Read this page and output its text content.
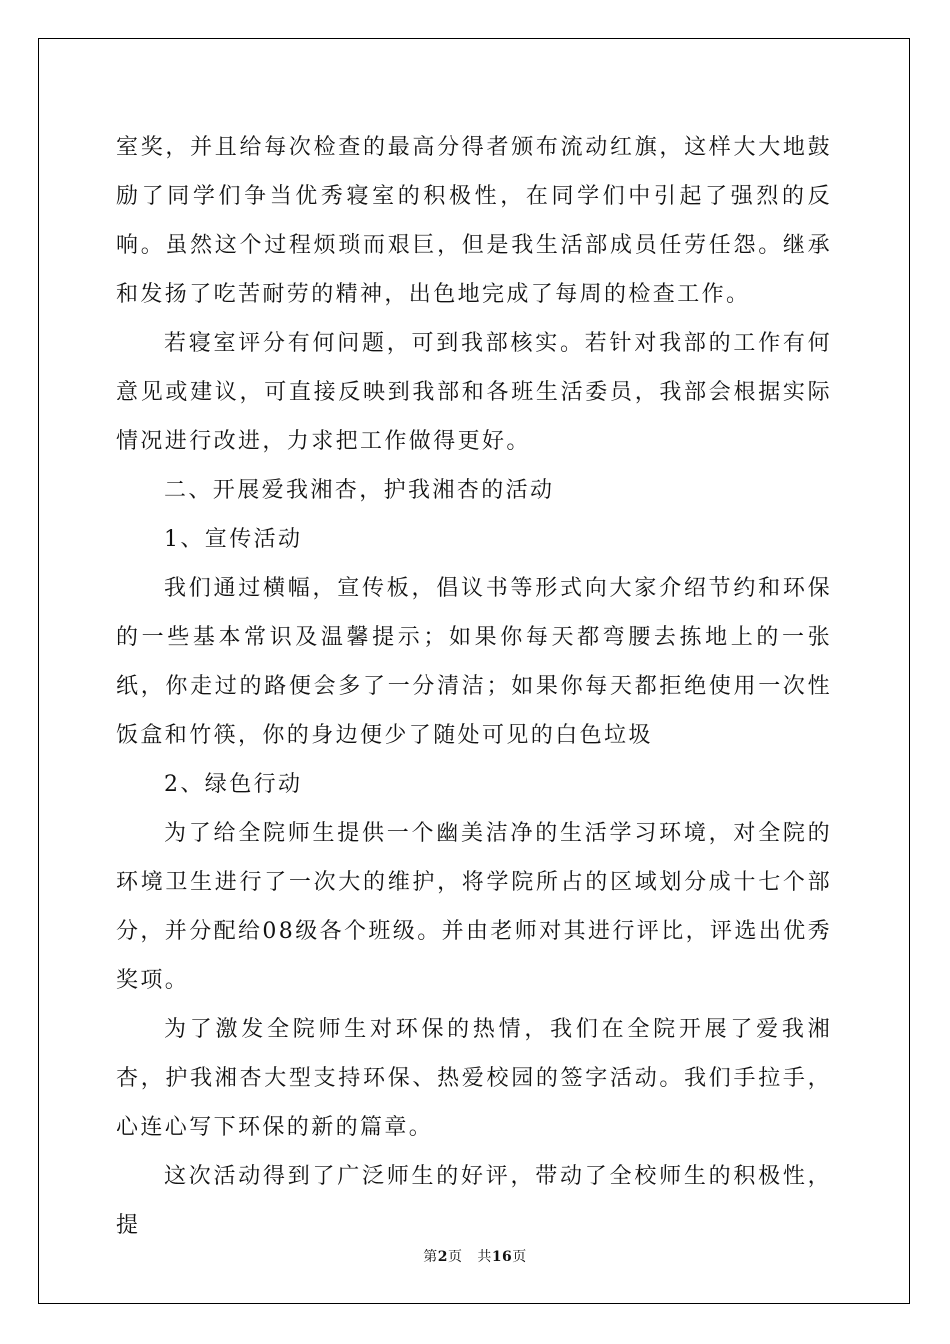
室奖，并且给每次检查的最高分得者颁布流动红旗，这样大大地鼓励了同学们争当优秀寝室的积极性，在同学们中引起了强烈的反响。虽然这个过程烦琐而艰巨，但是我生活部成员任劳任怨。继承和发扬了吃苦耐劳的精神，出色地完成了每周的检查工作。

若寝室评分有何问题，可到我部核实。若针对我部的工作有何意见或建议，可直接反映到我部和各班生活委员，我部会根据实际情况进行改进，力求把工作做得更好。

二、开展爱我湘杏，护我湘杏的活动

1、宣传活动

我们通过横幅，宣传板，倡议书等形式向大家介绍节约和环保的一些基本常识及温馨提示；如果你每天都弯腰去拣地上的一张纸，你走过的路便会多了一分清洁；如果你每天都拒绝使用一次性饭盒和竹筷，你的身边便少了随处可见的白色垃圾

2、绿色行动

为了给全院师生提供一个幽美洁净的生活学习环境，对全院的环境卫生进行了一次大的维护，将学院所占的区域划分成十七个部分，并分配给08级各个班级。并由老师对其进行评比，评选出优秀奖项。

为了激发全院师生对环保的热情，我们在全院开展了爱我湘杏，护我湘杏大型支持环保、热爱校园的签字活动。我们手拉手，心连心写下环保的新的篇章。

这次活动得到了广泛师生的好评，带动了全校师生的积极性，提

第2页 共16页
